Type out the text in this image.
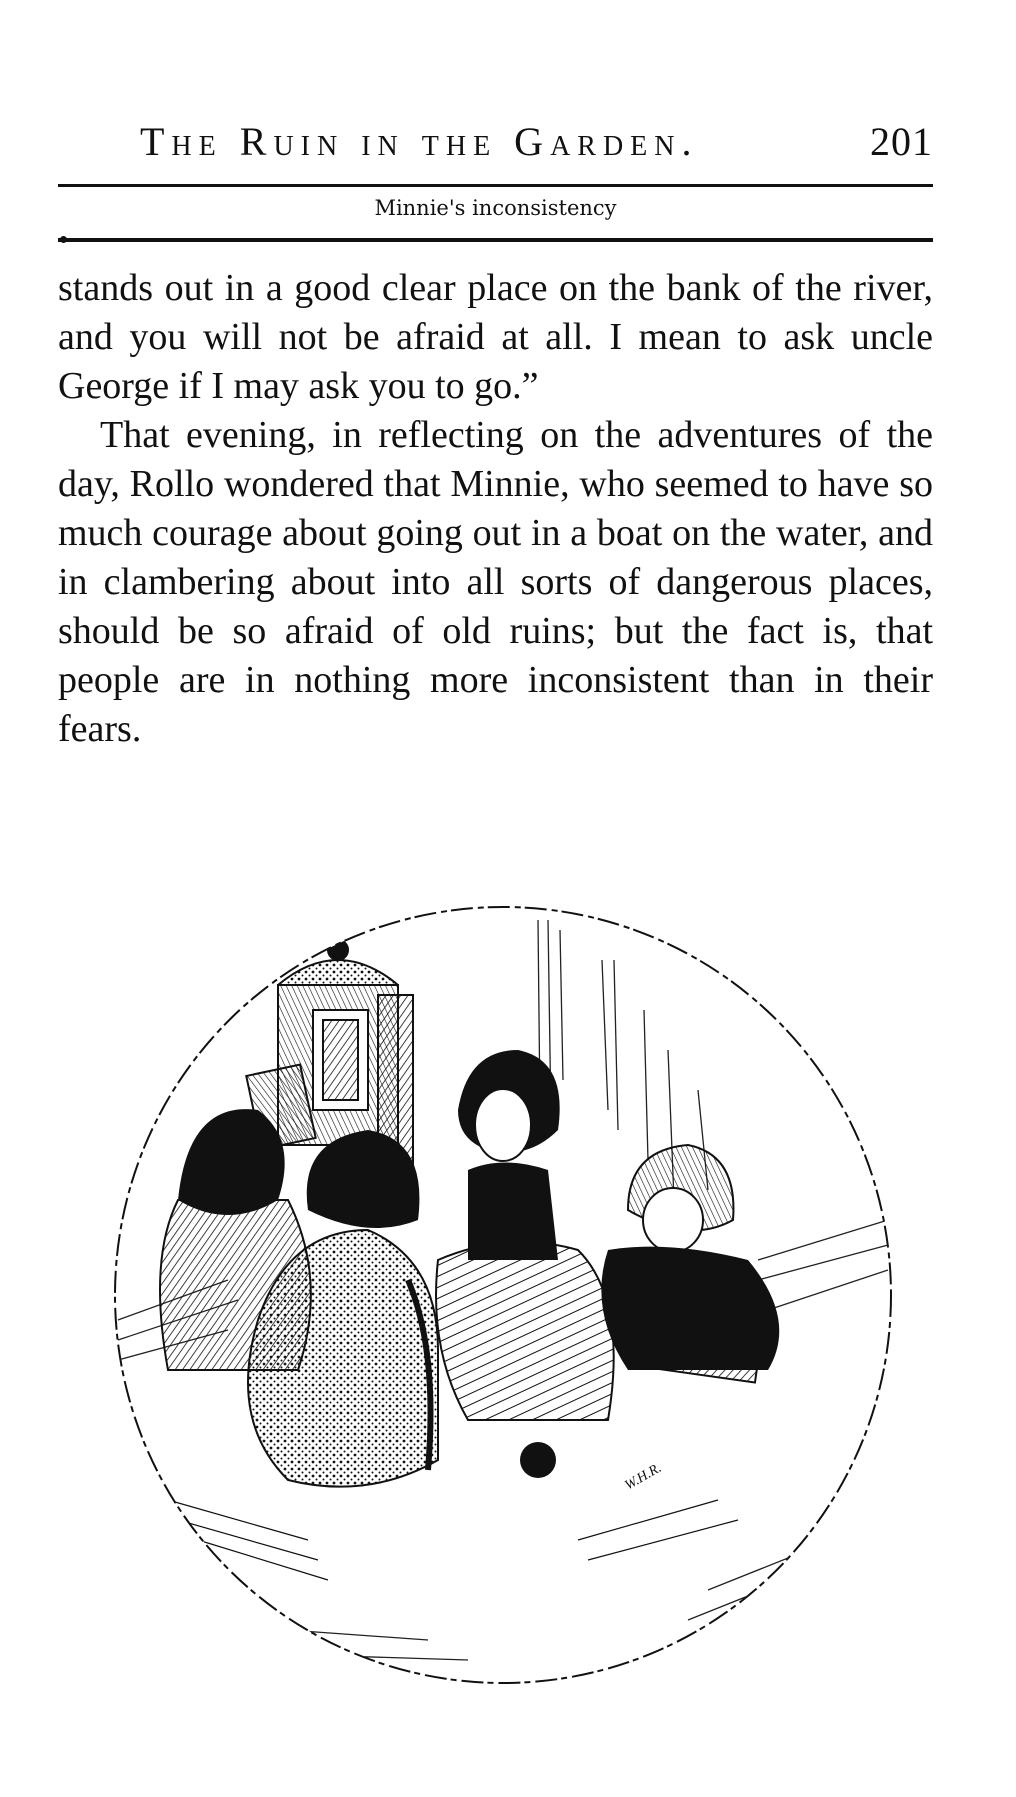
The Ruin in the Garden.	201
Minnie's inconsistency

stands out in a good clear place on the bank of the river, and you will not be afraid at all. I mean to ask uncle George if I may ask you to go.”

That evening, in reflecting on the adventures of the day, Rollo wondered that Minnie, who seemed to have so much courage about going out in a boat on the water, and in clambering about into all sorts of dangerous places, should be so afraid of old ruins; but the fact is, that people are in nothing more inconsistent than in their fears.

W.H.R.
